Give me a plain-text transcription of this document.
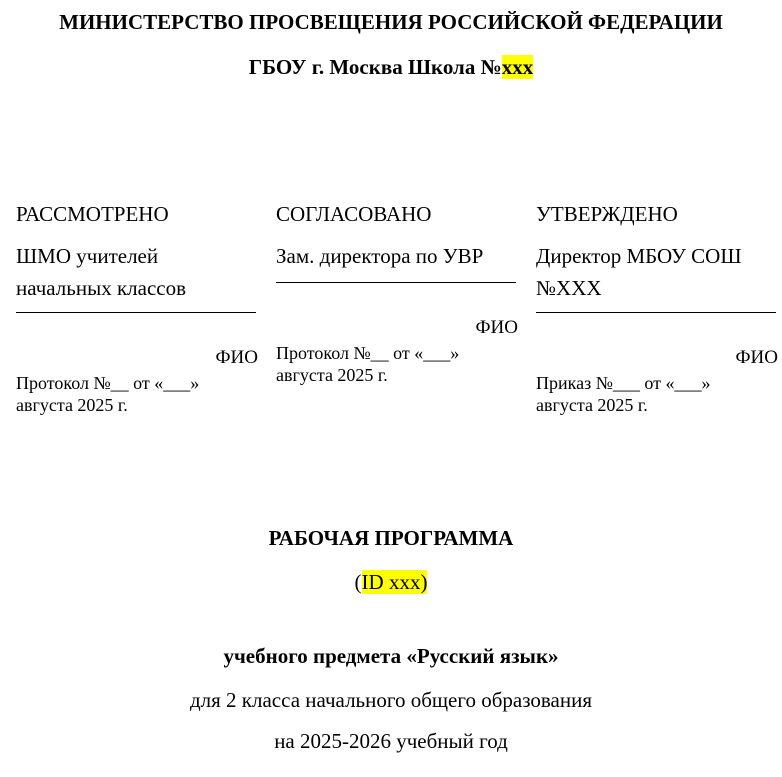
МИНИСТЕРСТВО ПРОСВЕЩЕНИЯ РОССИЙСКОЙ ФЕДЕРАЦИИ
ГБОУ г. Москва Школа №xxx
РАССМОТРЕНО
ШМО учителей
начальных классов
ФИО
Протокол №__ от «___»
августа 2025 г.
СОГЛАСОВАНО
Зам. директора по УВР
ФИО
Протокол №__ от «___»
августа 2025 г.
УТВЕРЖДЕНО
Директор МБОУ СОШ
№XXX
ФИО
Приказ №___ от «___»
августа 2025 г.
РАБОЧАЯ ПРОГРАММА
(ID xxx)
учебного предмета «Русский язык»
для 2 класса начального общего образования
на 2025-2026 учебный год
